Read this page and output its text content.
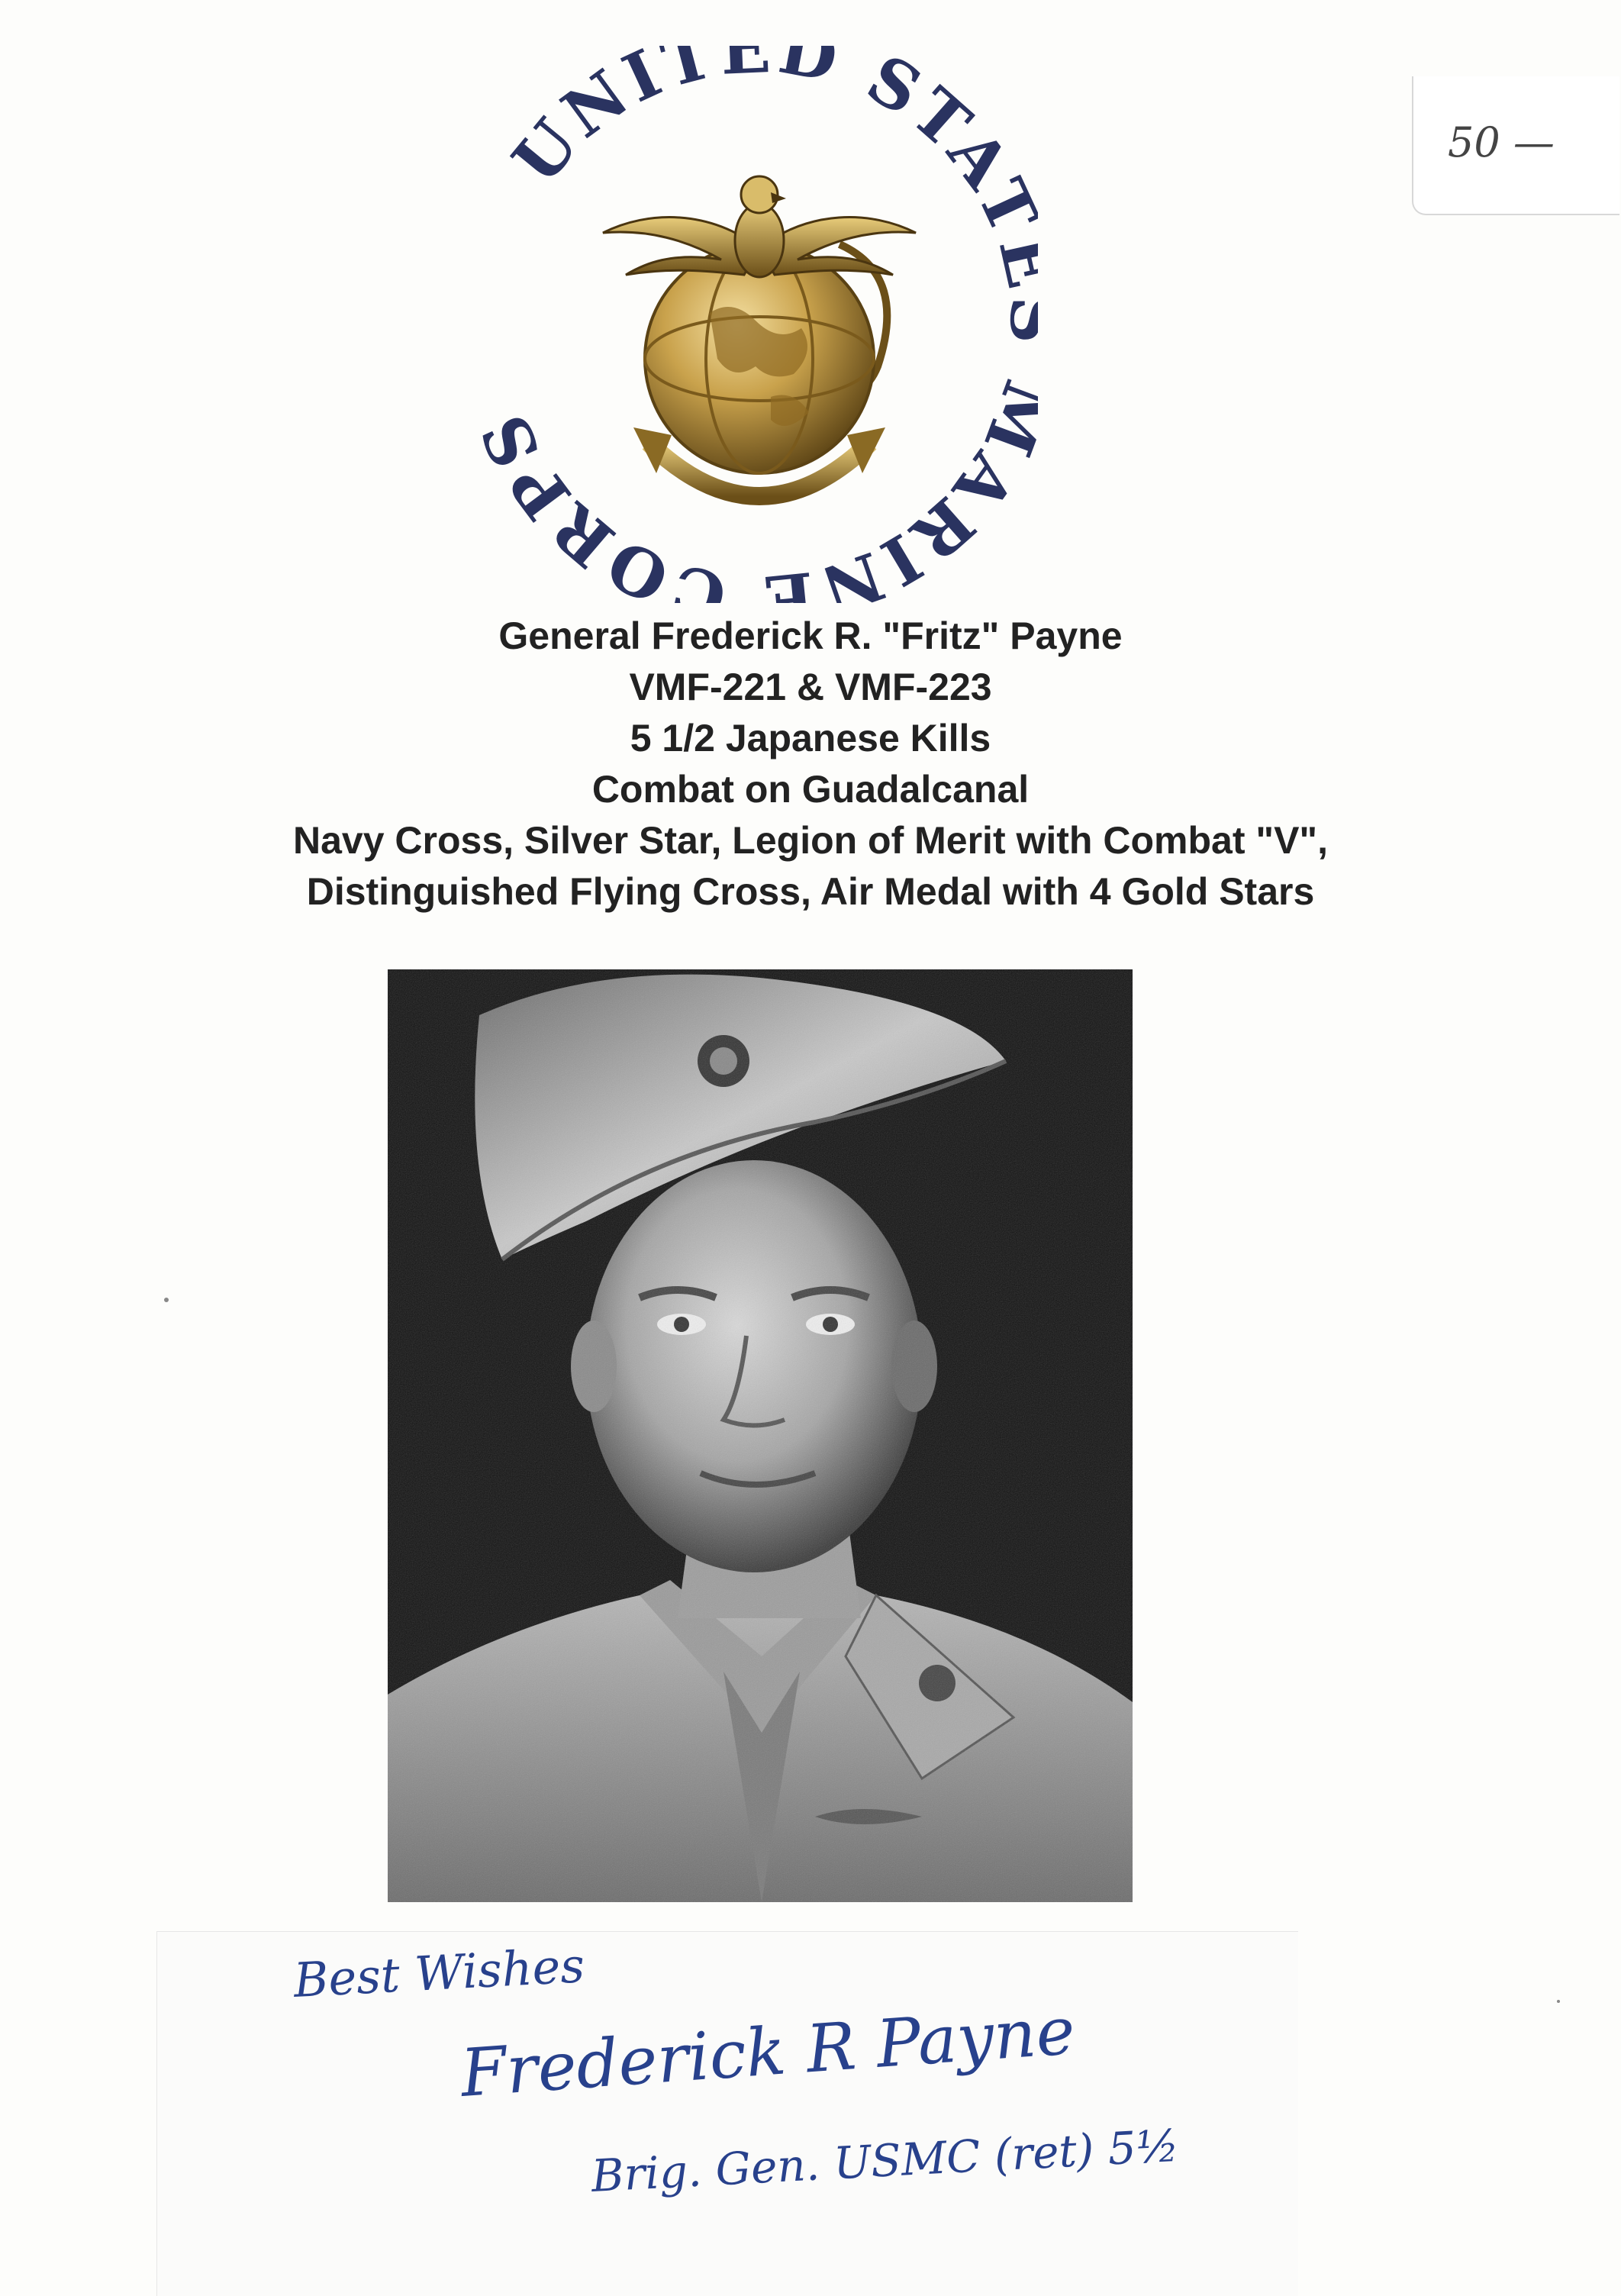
50 —
UNITED STA ARINE CORP
General Frederick R. "Fritz" Payne
VMF-221 & VMF-223
5 1/2 Japanese Kills
Combat on Guadalcanal
Navy Cross, Silver Star, Legion of Merit with Combat "V",
Distinguished Flying Cross, Air Medal with 4 Gold Stars
Best Wishes
Frederick R Payne
Brig. Gen. USMC (ret) 5½
